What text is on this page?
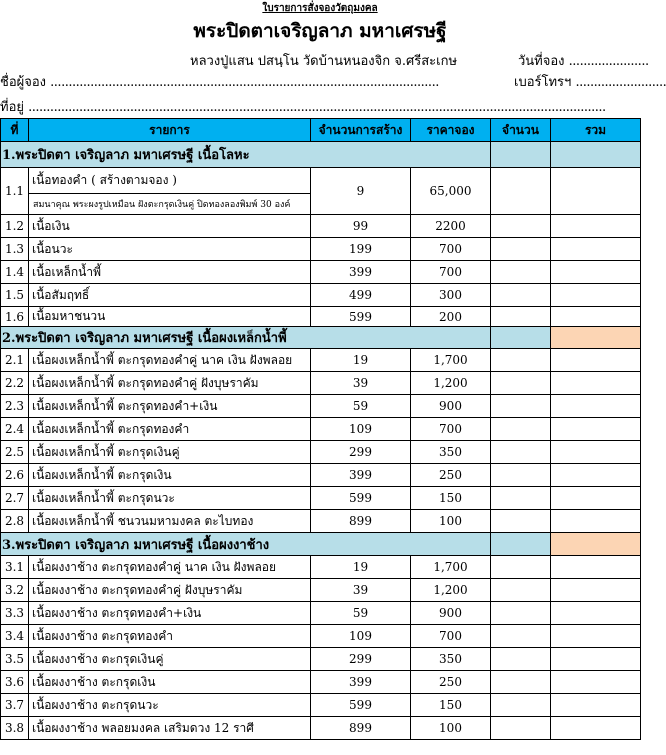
ใบรายการสั่งจองวัตถุมงคล
พระปิดตาเจริญลาภ มหาเศรษฐี
หลวงปู่แสน ปสนฺโน วัดบ้านหนองจิก จ.ศรีสะเกษ	วันที่จอง ......................
ชื่อผู้จอง ...........................................................................................................	เบอร์โทรฯ .........................
ที่อยู่ ...............................................................................................................................................................
ที่	รายการ	จำนวนการสร้าง	ราคาจอง	จำนวน	รวม
1.พระปิดตา เจริญลาภ มหาเศรษฐี เนื้อโลหะ					
1.1	เนื้อทองคำ ( สร้างตามจอง )	9	65,000		
	สมนาคุณ พระผงรูปเหมือน ฝังตะกรุดเงินคู่ ปิดทองลองพิมพ์ 30 องค์				
1.2	เนื้อเงิน	99	2200		
1.3	เนื้อนวะ	199	700		
1.4	เนื้อเหล็กน้ำพี้	399	700		
1.5	เนื้อสัมฤทธิ์	499	300		
1.6	เนื้อมหาชนวน	599	200		
2.พระปิดตา เจริญลาภ มหาเศรษฐี เนื้อผงเหล็กน้ำพี้					
2.1	เนื้อผงเหล็กน้ำพี้ ตะกรุดทองคำคู่ นาค เงิน ฝังพลอย	19	1,700		
2.2	เนื้อผงเหล็กน้ำพี้ ตะกรุดทองคำคู่ ฝังบุษราคัม	39	1,200		
2.3	เนื้อผงเหล็กน้ำพี้ ตะกรุดทองคำ+เงิน	59	900		
2.4	เนื้อผงเหล็กน้ำพี้ ตะกรุดทองคำ	109	700		
2.5	เนื้อผงเหล็กน้ำพี้ ตะกรุดเงินคู่	299	350		
2.6	เนื้อผงเหล็กน้ำพี้ ตะกรุดเงิน	399	250		
2.7	เนื้อผงเหล็กน้ำพี้ ตะกรุดนวะ	599	150		
2.8	เนื้อผงเหล็กน้ำพี้ ชนวนมหามงคล ตะไบทอง	899	100		
3.พระปิดตา เจริญลาภ มหาเศรษฐี เนื้อผงงาช้าง					
3.1	เนื้อผงงาช้าง ตะกรุดทองคำคู่ นาค เงิน ฝังพลอย	19	1,700		
3.2	เนื้อผงงาช้าง ตะกรุดทองคำคู่ ฝังบุษราคัม	39	1,200		
3.3	เนื้อผงงาช้าง ตะกรุดทองคำ+เงิน	59	900		
3.4	เนื้อผงงาช้าง ตะกรุดทองคำ	109	700		
3.5	เนื้อผงงาช้าง ตะกรุดเงินคู่	299	350		
3.6	เนื้อผงงาช้าง ตะกรุดเงิน	399	250		
3.7	เนื้อผงงาช้าง ตะกรุดนวะ	599	150		
3.8	เนื้อผงงาช้าง พลอยมงคล เสริมดวง 12 ราศี	899	100		
